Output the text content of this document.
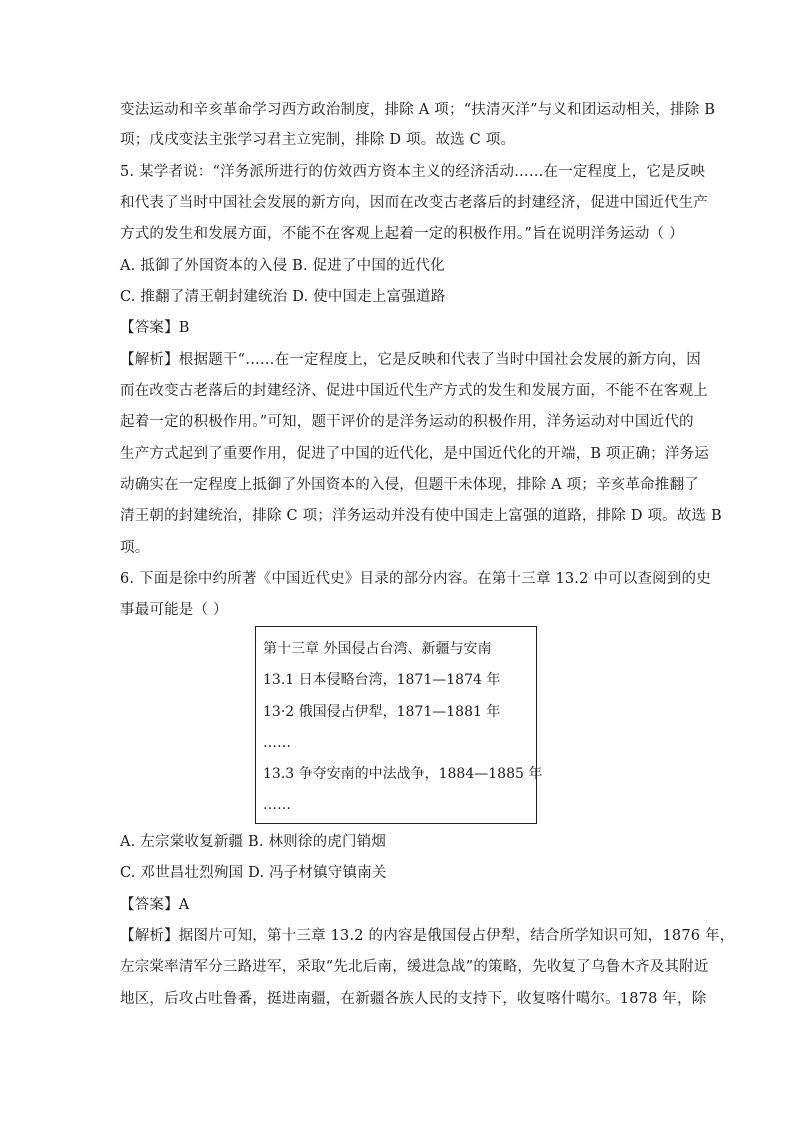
变法运动和辛亥革命学习西方政治制度，排除 A 项；“扶清灭洋”与义和团运动相关，排除 B
项；戊戌变法主张学习君主立宪制，排除 D 项。故选 C 项。
5. 某学者说：“洋务派所进行的仿效西方资本主义的经济活动……在一定程度上，它是反映
和代表了当时中国社会发展的新方向，因而在改变古老落后的封建经济，促进中国近代生产
方式的发生和发展方面，不能不在客观上起着一定的积极作用。”旨在说明洋务运动（ ）
A. 抵御了外国资本的入侵 B. 促进了中国的近代化
C. 推翻了清王朝封建统治 D. 使中国走上富强道路
【答案】B
【解析】根据题干“……在一定程度上，它是反映和代表了当时中国社会发展的新方向，因
而在改变古老落后的封建经济、促进中国近代生产方式的发生和发展方面，不能不在客观上
起着一定的积极作用。”可知，题干评价的是洋务运动的积极作用，洋务运动对中国近代的
生产方式起到了重要作用，促进了中国的近代化，是中国近代化的开端，B 项正确；洋务运
动确实在一定程度上抵御了外国资本的入侵，但题干未体现，排除 A 项；辛亥革命推翻了
清王朝的封建统治，排除 C 项；洋务运动并没有使中国走上富强的道路，排除 D 项。故选 B
项。
6. 下面是徐中约所著《中国近代史》目录的部分内容。在第十三章 13.2 中可以查阅到的史
事最可能是（ ）
第十三章 外国侵占台湾、新疆与安南
13.1 日本侵略台湾，1871—1874 年
13·2 俄国侵占伊犁，1871—1881 年
……
13.3 争夺安南的中法战争，1884—1885 年
……
A. 左宗棠收复新疆 B. 林则徐的虎门销烟
C. 邓世昌壮烈殉国 D. 冯子材镇守镇南关
【答案】A
【解析】据图片可知，第十三章 13.2 的内容是俄国侵占伊犁，结合所学知识可知，1876 年，
左宗棠率清军分三路进军，采取“先北后南，缓进急战”的策略，先收复了乌鲁木齐及其附近
地区，后攻占吐鲁番，挺进南疆，在新疆各族人民的支持下，收复喀什噶尔。1878 年，除
